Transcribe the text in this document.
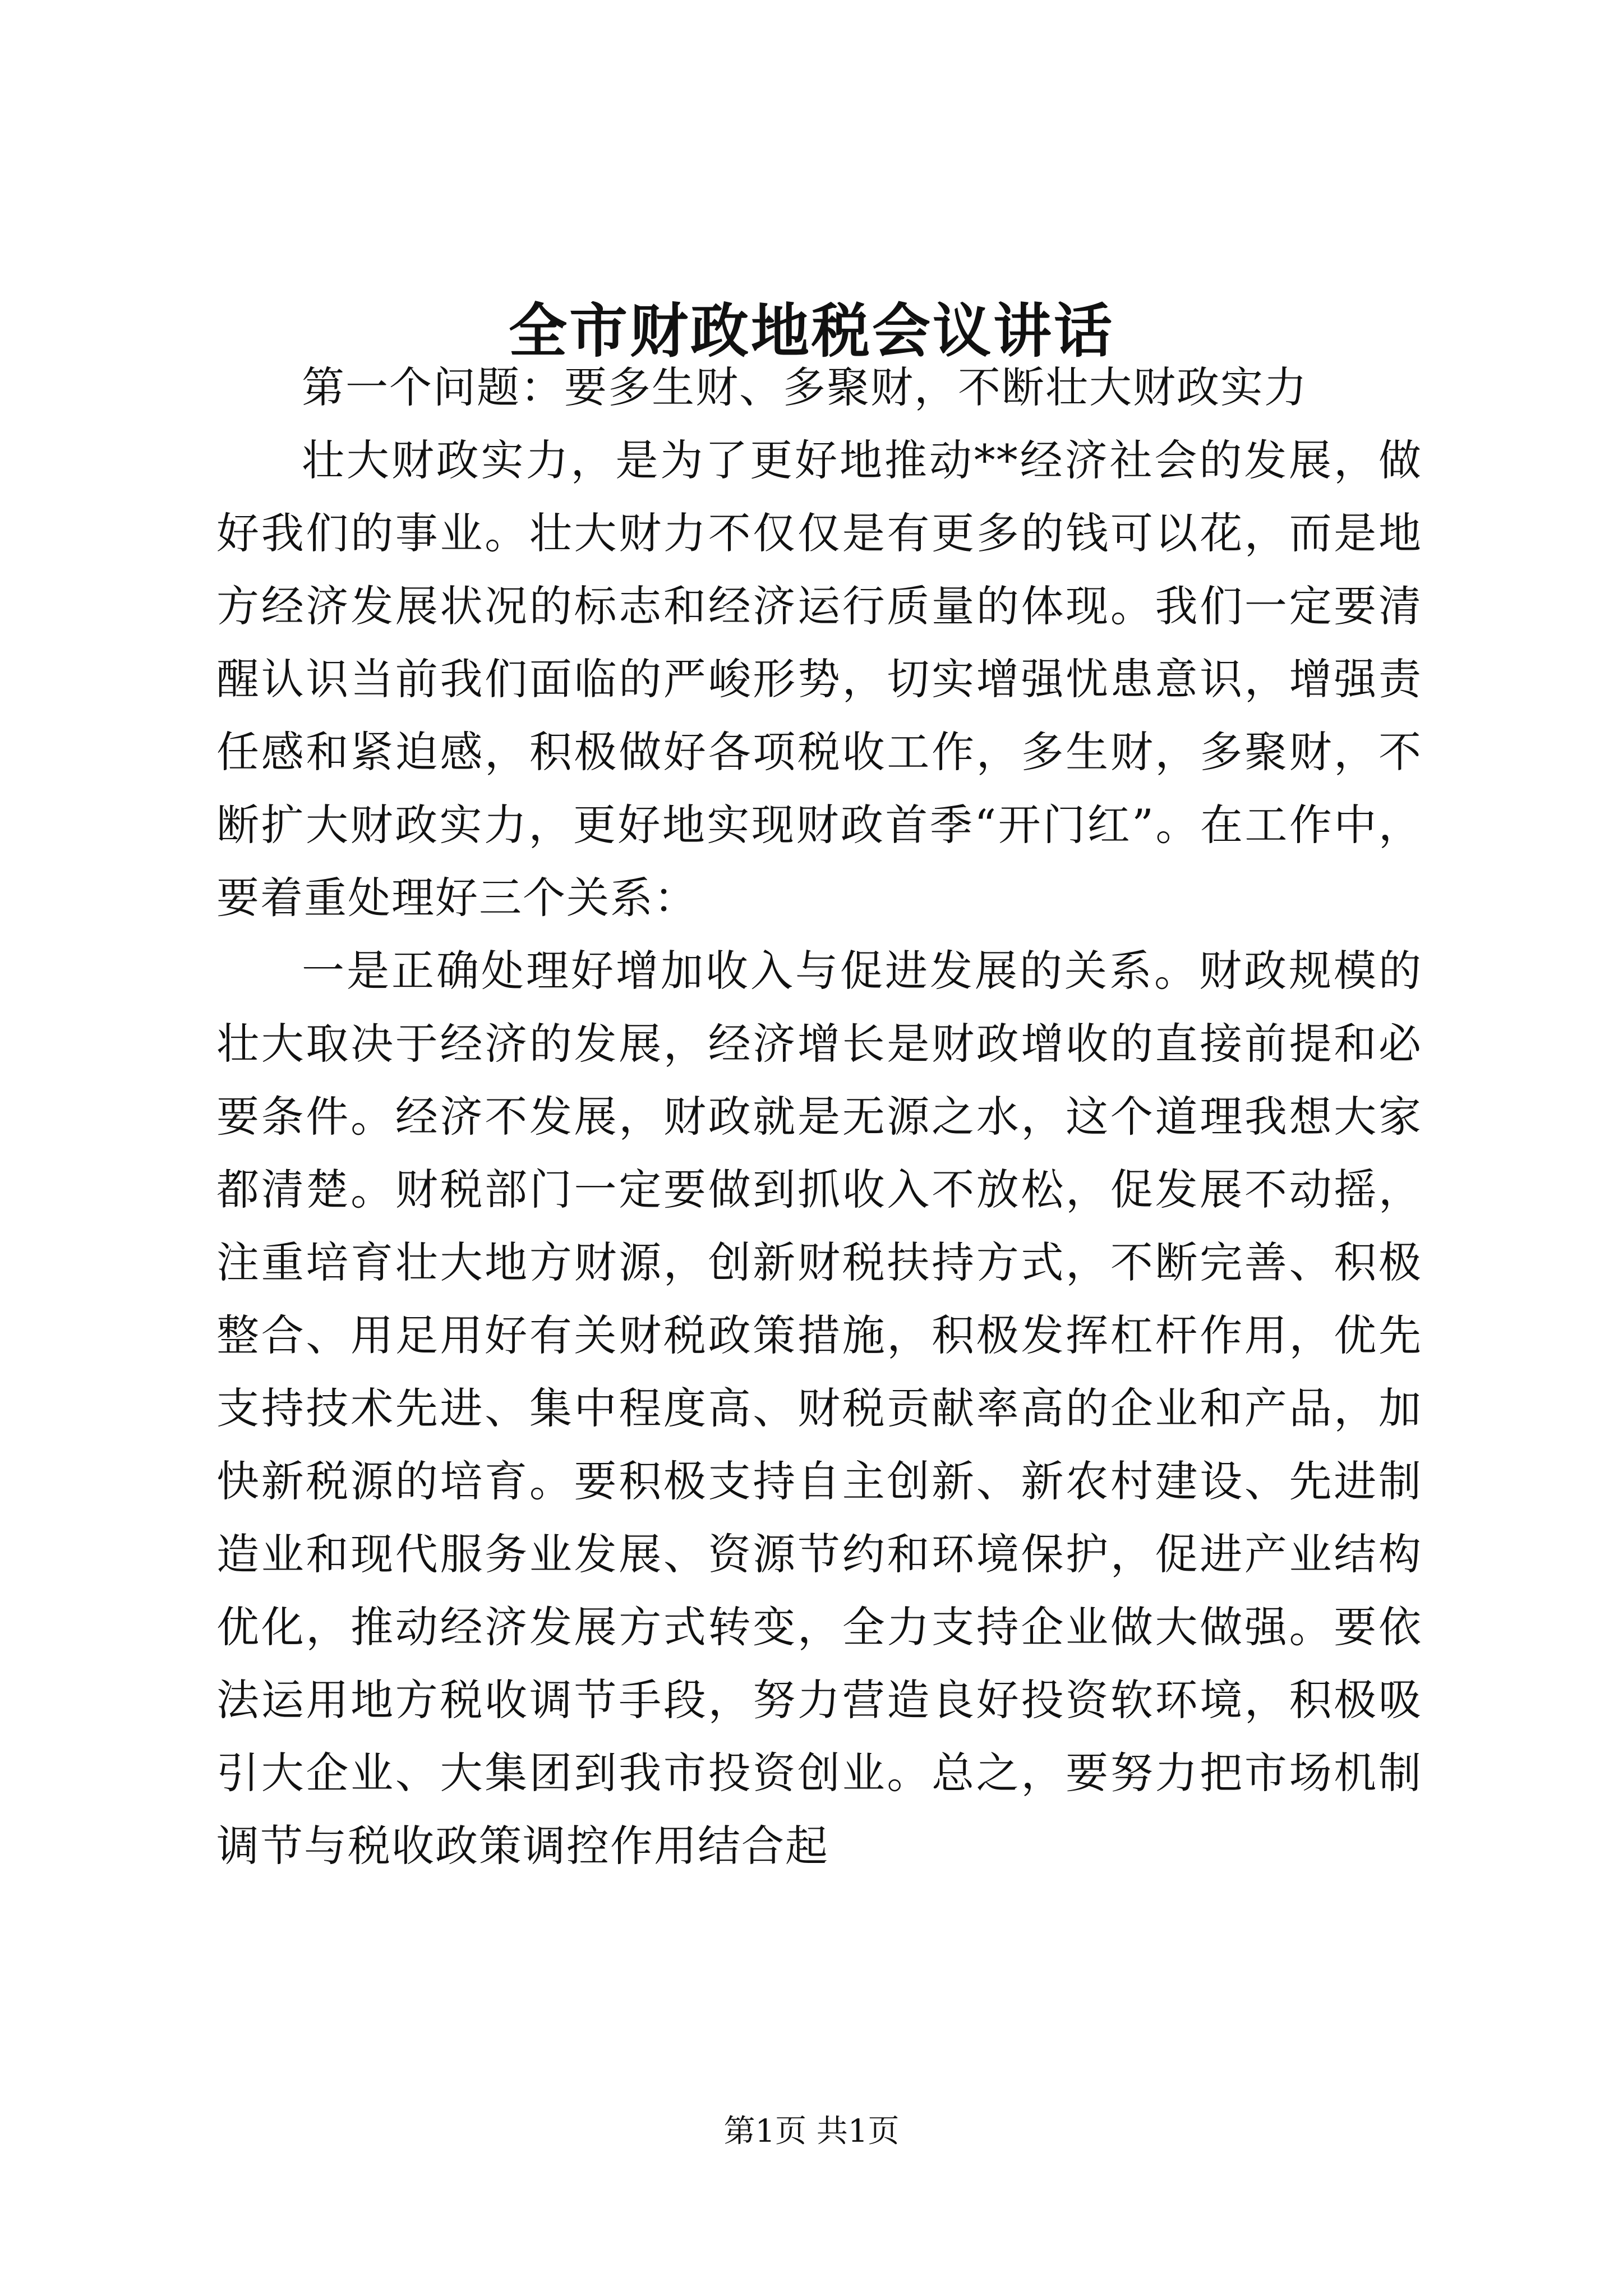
全市财政地税会议讲话

第一个问题：要多生财、多聚财，不断壮大财政实力

壮大财政实力，是为了更好地推动**经济社会的发展，做好我们的事业。壮大财力不仅仅是有更多的钱可以花，而是地方经济发展状况的标志和经济运行质量的体现。我们一定要清醒认识当前我们面临的严峻形势，切实增强忧患意识，增强责任感和紧迫感，积极做好各项税收工作，多生财，多聚财，不断扩大财政实力，更好地实现财政首季“开门红”。在工作中，要着重处理好三个关系：

一是正确处理好增加收入与促进发展的关系。财政规模的壮大取决于经济的发展，经济增长是财政增收的直接前提和必要条件。经济不发展，财政就是无源之水，这个道理我想大家都清楚。财税部门一定要做到抓收入不放松，促发展不动摇，注重培育壮大地方财源，创新财税扶持方式，不断完善、积极整合、用足用好有关财税政策措施，积极发挥杠杆作用，优先支持技术先进、集中程度高、财税贡献率高的企业和产品，加快新税源的培育。要积极支持自主创新、新农村建设、先进制造业和现代服务业发展、资源节约和环境保护，促进产业结构优化，推动经济发展方式转变，全力支持企业做大做强。要依法运用地方税收调节手段，努力营造良好投资软环境，积极吸引大企业、大集团到我市投资创业。总之，要努力把市场机制调节与税收政策调控作用结合起

第1页 共1页
